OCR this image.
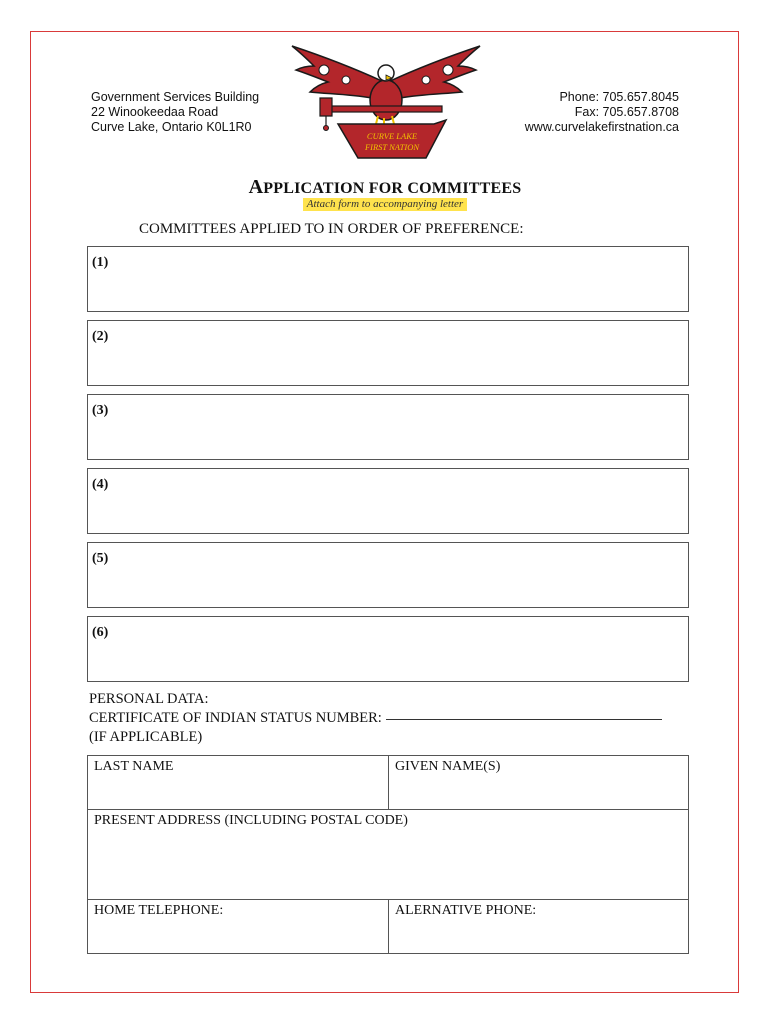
Government Services Building
22 Winookeedaa Road
Curve Lake, Ontario K0L1R0
Phone: 705.657.8045
Fax: 705.657.8708
www.curvelakefirstnation.ca
CURVE LAKE
FIRST NATION
APPLICATION FOR COMMITTEES
Attach form to accompanying letter
COMMITTEES APPLIED TO IN ORDER OF PREFERENCE:
(1)
(2)
(3)
(4)
(5)
(6)
PERSONAL DATA:
CERTIFICATE OF INDIAN STATUS NUMBER:
(IF APPLICABLE)
LAST NAME	GIVEN NAME(S)
PRESENT ADDRESS (INCLUDING POSTAL CODE)	
HOME TELEPHONE:	ALERNATIVE PHONE:
